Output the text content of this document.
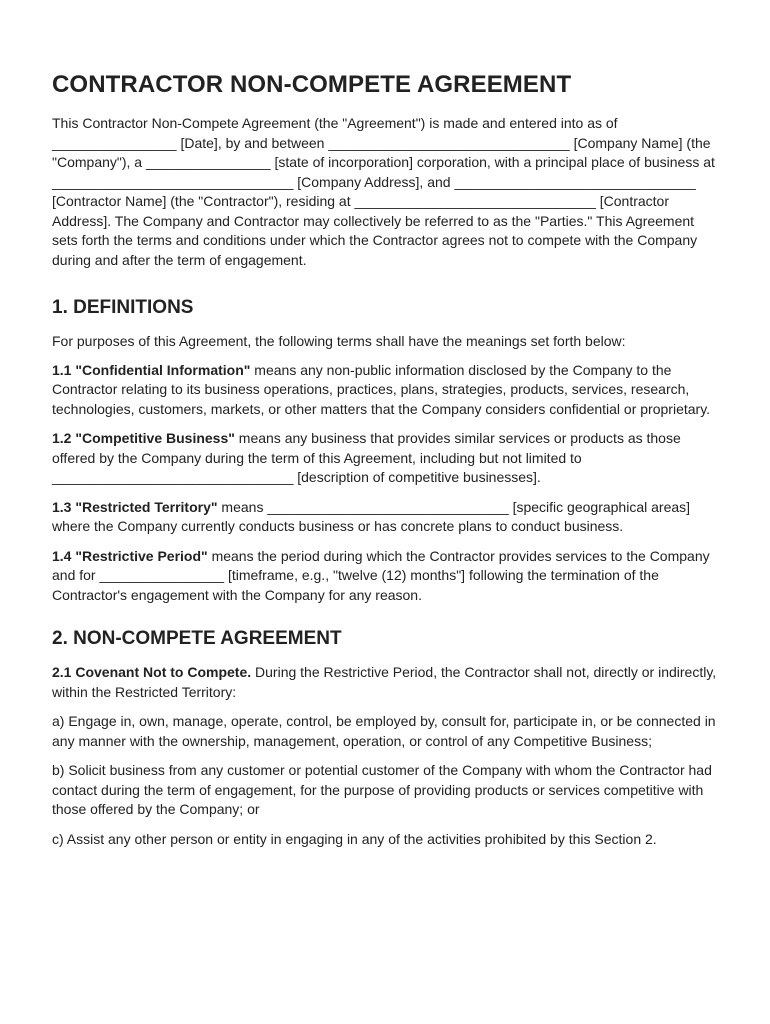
CONTRACTOR NON-COMPETE AGREEMENT

This Contractor Non-Compete Agreement (the "Agreement") is made and entered into as of ________________ [Date], by and between _______________________________ [Company Name] (the "Company"), a ________________ [state of incorporation] corporation, with a principal place of business at _______________________________ [Company Address], and _______________________________ [Contractor Name] (the "Contractor"), residing at _______________________________ [Contractor Address]. The Company and Contractor may collectively be referred to as the "Parties." This Agreement sets forth the terms and conditions under which the Contractor agrees not to compete with the Company during and after the term of engagement.

1. DEFINITIONS

For purposes of this Agreement, the following terms shall have the meanings set forth below:

1.1 "Confidential Information" means any non-public information disclosed by the Company to the Contractor relating to its business operations, practices, plans, strategies, products, services, research, technologies, customers, markets, or other matters that the Company considers confidential or proprietary.

1.2 "Competitive Business" means any business that provides similar services or products as those offered by the Company during the term of this Agreement, including but not limited to _______________________________ [description of competitive businesses].

1.3 "Restricted Territory" means _______________________________ [specific geographical areas] where the Company currently conducts business or has concrete plans to conduct business.

1.4 "Restrictive Period" means the period during which the Contractor provides services to the Company and for ________________ [timeframe, e.g., "twelve (12) months"] following the termination of the Contractor's engagement with the Company for any reason.

2. NON-COMPETE AGREEMENT

2.1 Covenant Not to Compete. During the Restrictive Period, the Contractor shall not, directly or indirectly, within the Restricted Territory:

a) Engage in, own, manage, operate, control, be employed by, consult for, participate in, or be connected in any manner with the ownership, management, operation, or control of any Competitive Business;

b) Solicit business from any customer or potential customer of the Company with whom the Contractor had contact during the term of engagement, for the purpose of providing products or services competitive with those offered by the Company; or

c) Assist any other person or entity in engaging in any of the activities prohibited by this Section 2.
